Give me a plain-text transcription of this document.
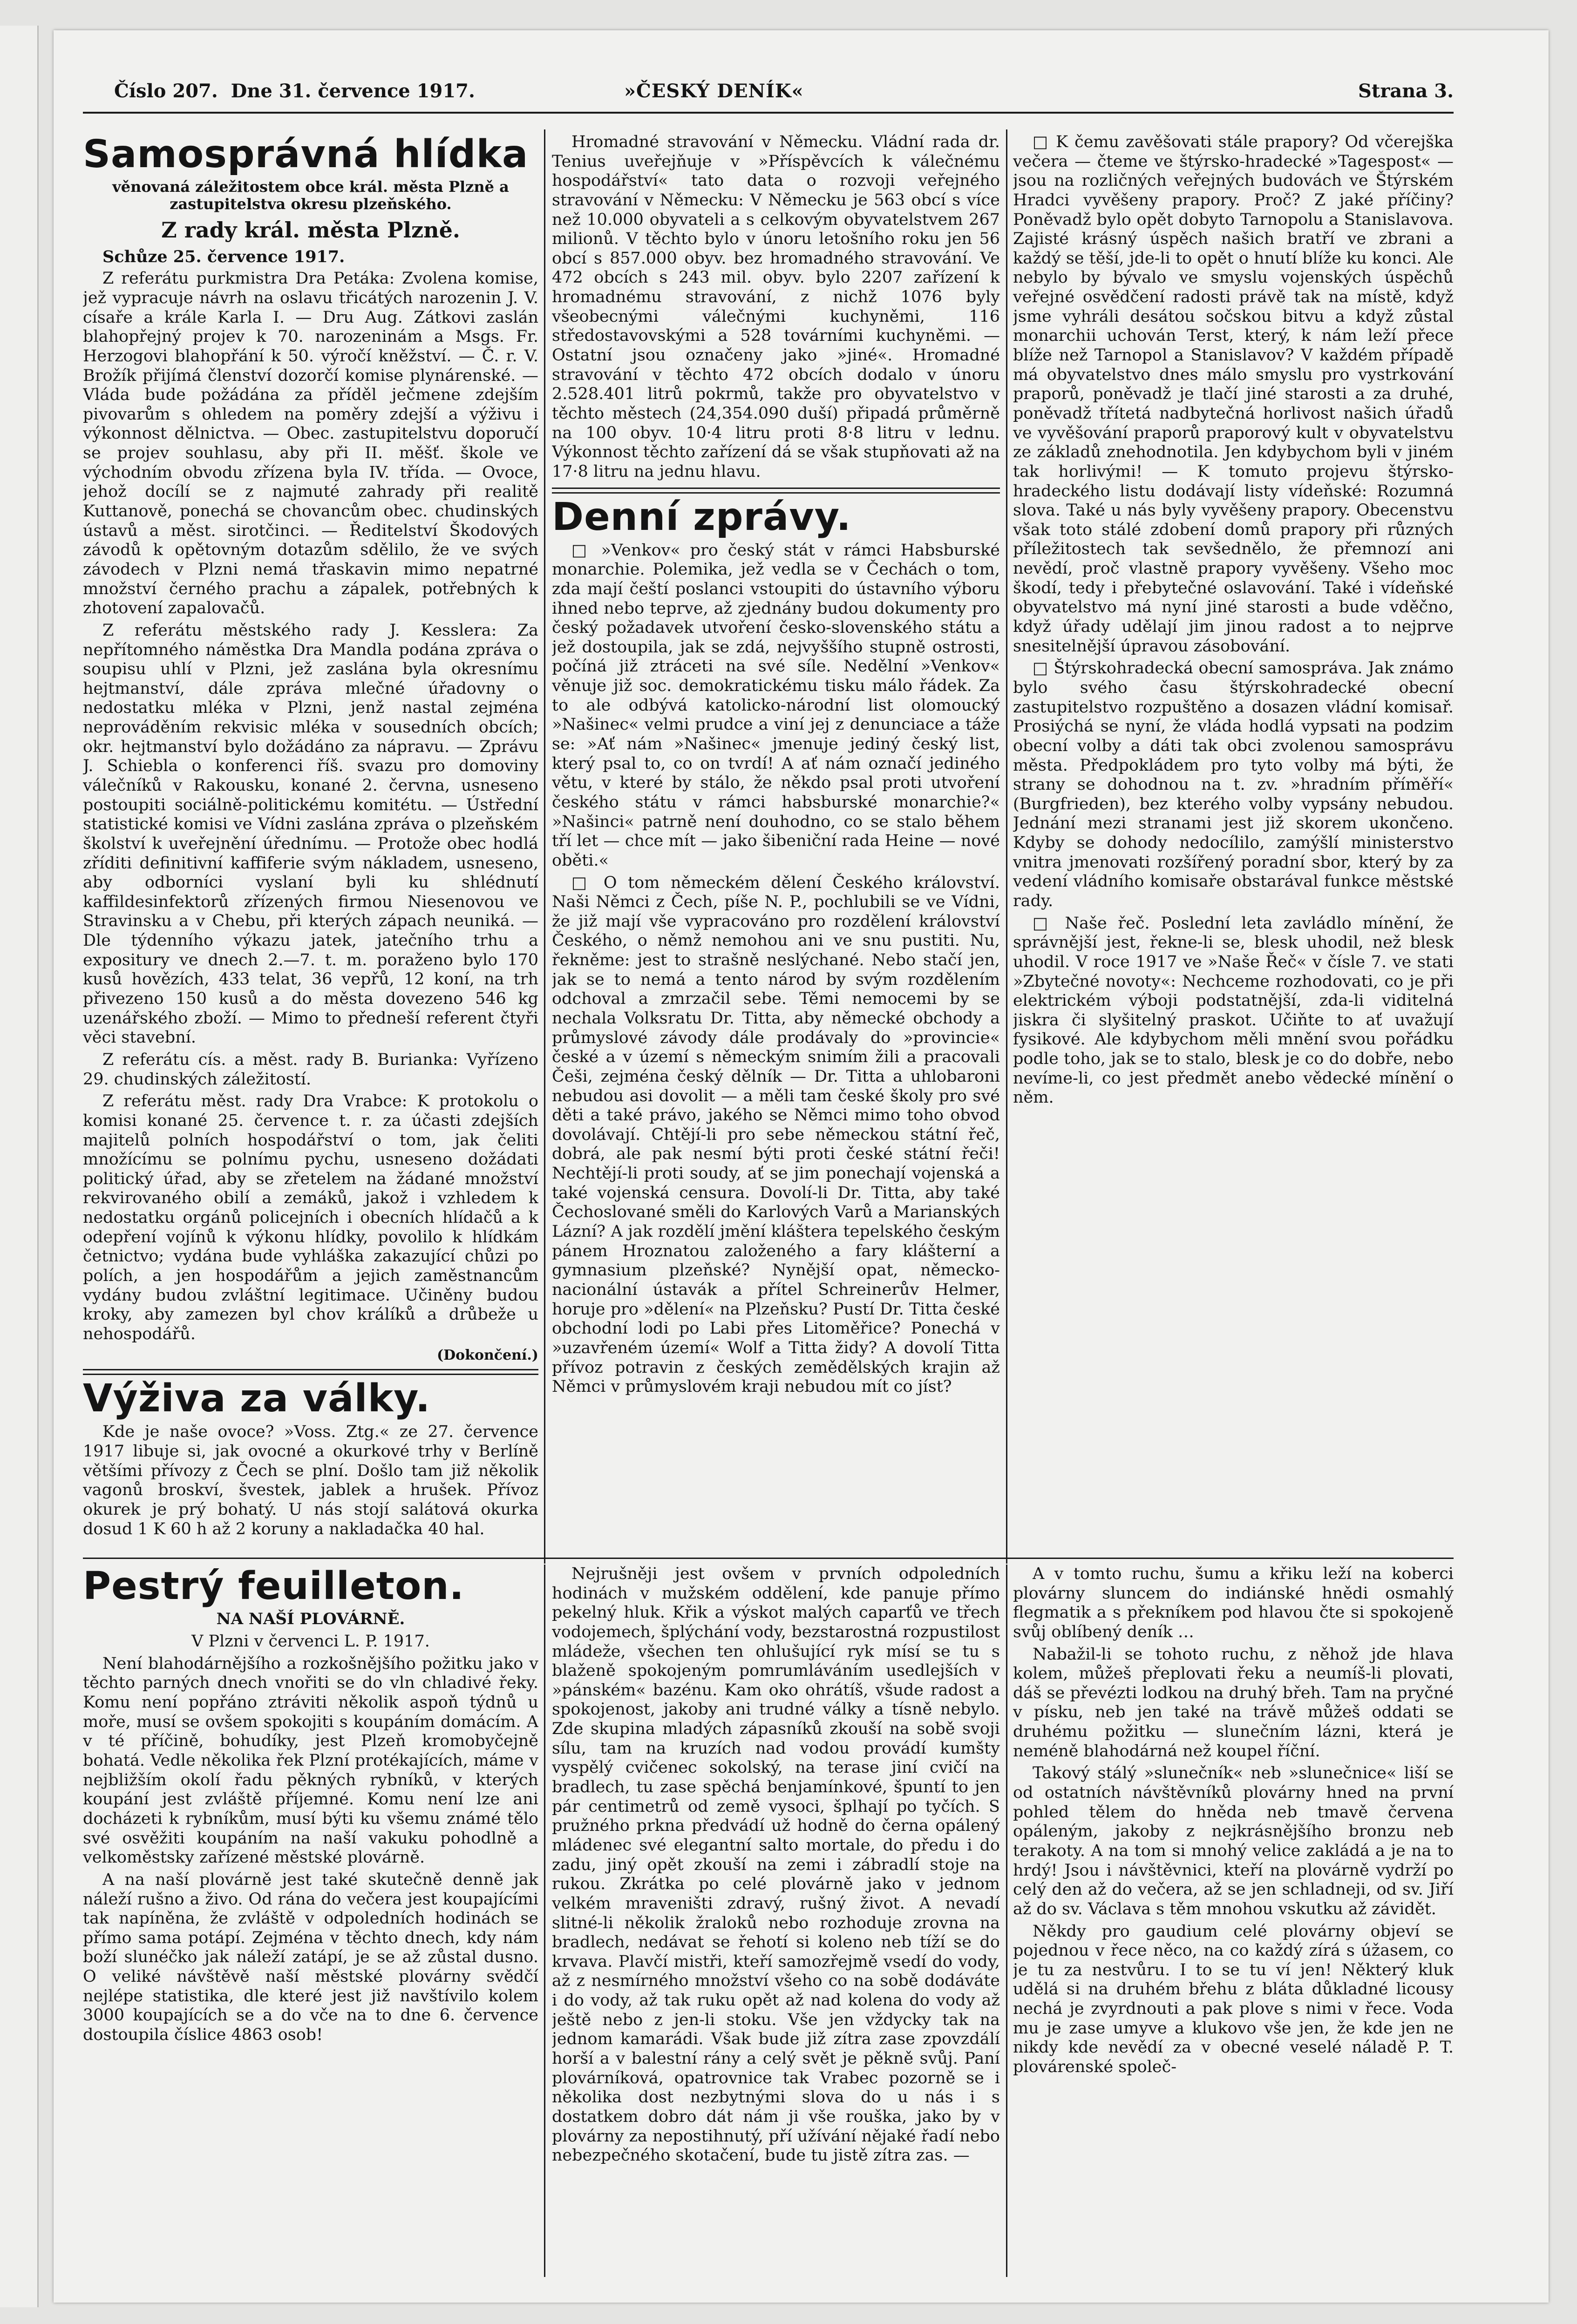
Číslo 207. Dne 31. července 1917.	»ČESKÝ DENÍK«	Strana 3.
Samosprávná hlídka
věnovaná záležitostem obce král. města Plzně a zastupitelstva okresu plzeňského.
Z rady král. města Plzně.

Schůze 25. července 1917.

Z referátu purkmistra Dra Petáka: Zvolena komise, jež vypracuje návrh na oslavu třicátých narozenin J. V. císaře a krále Karla I. — Dru Aug. Zátkovi zaslán blahopřejný projev k 70. narozeninám a Msgs. Fr. Herzogovi blahopřání k 50. výročí kněžství. — Č. r. V. Brožík přijímá členství dozorčí komise plynárenské. — Vláda bude požádána za příděl ječmene zdejším pivovarům s ohledem na poměry zdejší a výživu i výkonnost dělnictva. — Obec. zastupitelstvu doporučí se projev souhlasu, aby při II. měšť. škole ve východním obvodu zřízena byla IV. třída. — Ovoce, jehož docílí se z najmuté zahrady při realitě Kuttanově, ponechá se chovancům obec. chudinských ústavů a měst. sirotčinci. — Ředitelství Škodových závodů k opětovným dotazům sdělilo, že ve svých závodech v Plzni nemá třaskavin mimo nepatrné množství černého prachu a zápalek, potřebných k zhotovení zapalovačů.

Z referátu městského rady J. Kesslera: Za nepřítomného náměstka Dra Mandla podána zpráva o soupisu uhlí v Plzni, jež zaslána byla okresnímu hejtmanství, dále zpráva mlečné úřadovny o nedostatku mléka v Plzni, jenž nastal zejména neprováděním rekvisic mléka v sousedních obcích; okr. hejtmanství bylo dožádáno za nápravu. — Zprávu J. Schiebla o konferenci říš. svazu pro domoviny válečníků v Rakousku, konané 2. června, usneseno postoupiti sociálně-politickému komitétu. — Ústřední statistické komisi ve Vídni zaslána zpráva o plzeňském školství k uveřejnění úřednímu. — Protože obec hodlá zříditi definitivní kaffiferie svým nákladem, usneseno, aby odborníci vyslaní byli ku shlédnutí kaffildesinfektorů zřízených firmou Niesenovou ve Stravinsku a v Chebu, při kterých zápach neuniká. — Dle týdenního výkazu jatek, jatečního trhu a expositury ve dnech 2.—7. t. m. poraženo bylo 170 kusů hovězích, 433 telat, 36 vepřů, 12 koní, na trh přivezeno 150 kusů a do města dovezeno 546 kg uzenářského zboží. — Mimo to předneší referent čtyři věci stavební.

Z referátu cís. a měst. rady B. Burianka: Vyřízeno 29. chudinských záležitostí.

Z referátu měst. rady Dra Vrabce: K protokolu o komisi konané 25. července t. r. za účasti zdejších majitelů polních hospodářství o tom, jak čeliti množícímu se polnímu pychu, usneseno dožádati politický úřad, aby se zřetelem na žádané množství rekvirovaného obilí a zemáků, jakož i vzhledem k nedostatku orgánů policejních i obecních hlídačů a k odepření vojínů k výkonu hlídky, povolilo k hlídkám četnictvo; vydána bude vyhláška zakazující chůzi po polích, a jen hospodářům a jejich zaměstnancům vydány budou zvláštní legitimace. Učiněny budou kroky, aby zamezen byl chov králíků a drůbeže u nehospodářů.

(Dokončení.)

Výživa za války.

Kde je naše ovoce? »Voss. Ztg.« ze 27. července 1917 libuje si, jak ovocné a okurkové trhy v Berlíně většími přívozy z Čech se plní. Došlo tam již několik vagonů broskví, švestek, jablek a hrušek. Přívoz okurek je prý bohatý. U nás stojí salátová okurka dosud 1 K 60 h až 2 koruny a nakladačka 40 hal.

Hromadné stravování v Německu. Vládní rada dr. Tenius uveřejňuje v »Příspěvcích k válečnému hospodářství« tato data o rozvoji veřejného stravování v Německu: V Německu je 563 obcí s více než 10.000 obyvateli a s celkovým obyvatelstvem 267 milionů. V těchto bylo v únoru letošního roku jen 56 obcí s 857.000 obyv. bez hromadného stravování. Ve 472 obcích s 243 mil. obyv. bylo 2207 zařízení k hromadnému stravování, z nichž 1076 byly všeobecnými válečnými kuchyněmi, 116 středostavovskými a 528 továrními kuchyněmi. — Ostatní jsou označeny jako »jiné«. Hromadné stravování v těchto 472 obcích dodalo v únoru 2.528.401 litrů pokrmů, takže pro obyvatelstvo v těchto městech (24,354.090 duší) připadá průměrně na 100 obyv. 10·4 litru proti 8·8 litru v lednu. Výkonnost těchto zařízení dá se však stupňovati až na 17·8 litru na jednu hlavu.

Denní zprávy.

□ »Venkov« pro český stát v rámci Habsburské monarchie. Polemika, jež vedla se v Čechách o tom, zda mají čeští poslanci vstoupiti do ústavního výboru ihned nebo teprve, až zjednány budou dokumenty pro český požadavek utvoření česko-slovenského státu a jež dostoupila, jak se zdá, nejvyššího stupně ostrosti, počíná již ztráceti na své síle. Nedělní »Venkov« věnuje již soc. demokratickému tisku málo řádek. Za to ale odbývá katolicko-národní list olomoucký »Našinec« velmi prudce a viní jej z denunciace a táže se: »Ať nám »Našinec« jmenuje jediný český list, který psal to, co on tvrdí! A ať nám označí jediného větu, v které by stálo, že někdo psal proti utvoření českého státu v rámci habsburské monarchie?« »Našinci« patrně není douhodno, co se stalo během tří let — chce mít — jako šibeniční rada Heine — nové oběti.«

□ O tom německém dělení Českého království. Naši Němci z Čech, píše N. P., pochlubili se ve Vídni, že již mají vše vypracováno pro rozdělení království Českého, o němž nemohou ani ve snu pustiti. Nu, řekněme: jest to strašně neslýchané. Nebo stačí jen, jak se to nemá a tento národ by svým rozdělením odchoval a zmrzačil sebe. Těmi nemocemi by se nechala Volksratu Dr. Titta, aby německé obchody a průmyslové závody dále prodávaly do »provincie« české a v území s německým snimím žili a pracovali Češi, zejména český dělník — Dr. Titta a uhlobaroni nebudou asi dovolit — a měli tam české školy pro své děti a také právo, jakého se Němci mimo toho obvod dovolávají. Chtějí-li pro sebe německou státní řeč, dobrá, ale pak nesmí býti proti české státní řeči! Nechtějí-li proti soudy, ať se jim ponechají vojenská a také vojenská censura. Dovolí-li Dr. Titta, aby také Čechoslované směli do Karlových Varů a Marianských Lázní? A jak rozdělí jmění kláštera tepelského českým pánem Hroznatou založeného a fary klášterní a gymnasium plzeňské? Nynější opat, německo-nacionální ústavák a přítel Schreinerův Helmer, horuje pro »dělení« na Plzeňsku? Pustí Dr. Titta české obchodní lodi po Labi přes Litoměřice? Ponechá v »uzavřeném území« Wolf a Titta židy? A dovolí Titta přívoz potravin z českých zemědělských krajin až Němci v průmyslovém kraji nebudou mít co jíst?

□ K čemu zavěšovati stále prapory? Od včerejška večera — čteme ve štýrsko-hradecké »Tagespost« — jsou na rozličných veřejných budovách ve Štýrském Hradci vyvěšeny prapory. Proč? Z jaké příčiny? Poněvadž bylo opět dobyto Tarnopolu a Stanislavova. Zajisté krásný úspěch našich bratří ve zbrani a každý se těší, jde-li to opět o hnutí blíže ku konci. Ale nebylo by bývalo ve smyslu vojenských úspěchů veřejné osvědčení radosti právě tak na místě, když jsme vyhráli desátou sočskou bitvu a když zůstal monarchii uchován Terst, který, k nám leží přece blíže než Tarnopol a Stanislavov? V každém případě má obyvatelstvo dnes málo smyslu pro vystrkování praporů, poněvadž je tlačí jiné starosti a za druhé, poněvadž třítetá nadbytečná horlivost našich úřadů ve vyvěšování praporů praporový kult v obyvatelstvu ze základů znehodnotila. Jen kdybychom byli v jiném tak horlivými! — K tomuto projevu štýrsko-hradeckého listu dodávají listy vídeňské: Rozumná slova. Také u nás byly vyvěšeny prapory. Obecenstvu však toto stálé zdobení domů prapory při různých příležitostech tak sevšednělo, že přemnozí ani nevědí, proč vlastně prapory vyvěšeny. Všeho moc škodí, tedy i přebytečné oslavování. Také i vídeňské obyvatelstvo má nyní jiné starosti a bude vděčno, když úřady udělají jim jinou radost a to nejprve snesitelnější úpravou zásobování.

□ Štýrskohradecká obecní samospráva. Jak známo bylo svého času štýrskohradecké obecní zastupitelstvo rozpuštěno a dosazen vládní komisař. Prosiýchá se nyní, že vláda hodlá vypsati na podzim obecní volby a dáti tak obci zvolenou samosprávu města. Předpokládem pro tyto volby má býti, že strany se dohodnou na t. zv. »hradním příměří« (Burgfrieden), bez kterého volby vypsány nebudou. Jednání mezi stranami jest již skorem ukončeno. Kdyby se dohody nedocílilo, zamýšlí ministerstvo vnitra jmenovati rozšířený poradní sbor, který by za vedení vládního komisaře obstarával funkce městské rady.

□ Naše řeč. Poslední leta zavládlo mínění, že správnější jest, řekne-li se, blesk uhodil, než blesk uhodil. V roce 1917 ve »Naše Řeč« v čísle 7. ve stati »Zbytečné novoty«: Nechceme rozhodovati, co je při elektrickém výboji podstatnější, zda-li viditelná jiskra či slyšitelný praskot. Učiňte to ať uvažují fysikové. Ale kdybychom měli mnění svou pořádku podle toho, jak se to stalo, blesk je co do dobře, nebo nevíme-li, co jest předmět anebo vědecké mínění o něm.

Pestrý feuilleton.
NA NAŠÍ PLOVÁRNĚ.

V Plzni v červenci L. P. 1917.

Není blahodárnějšího a rozkošnějšího požitku jako v těchto parných dnech vnořiti se do vln chladivé řeky. Komu není popřáno ztráviti několik aspoň týdnů u moře, musí se ovšem spokojiti s koupáním domácím. A v té příčině, bohudíky, jest Plzeň kromobyčejně bohatá. Vedle několika řek Plzní protékajících, máme v nejbližším okolí řadu pěkných rybníků, v kterých koupání jest zvláště příjemné. Komu není lze ani docházeti k rybníkům, musí býti ku všemu známé tělo své osvěžiti koupáním na naší vakuku pohodlně a velkoměstsky zařízené městské plovárně.

A na naší plovárně jest také skutečně denně jak náleží rušno a živo. Od rána do večera jest koupajícími tak napíněna, že zvláště v odpoledních hodinách se přímo sama potápí. Zejména v těchto dnech, kdy nám boží slunéčko jak náleží zatápí, je se až zůstal dusno. O veliké návštěvě naší městské plovárny svědčí nejlépe statistika, dle které jest již navštívilo kolem 3000 koupajících se a do vče na to dne 6. července dostoupila číslice 4863 osob!

Nejrušněji jest ovšem v prvních odpoledních hodinách v mužském oddělení, kde panuje přímo pekelný hluk. Křik a výskot malých caparťů ve třech vodojemech, šplýchání vody, bezstarostná rozpustilost mládeže, všechen ten ohlušující ryk mísí se tu s blaženě spokojeným pomrumláváním usedlejších v »pánském« bazénu. Kam oko ohrátíš, všude radost a spokojenost, jakoby ani trudné války a tísně nebylo. Zde skupina mladých zápasníků zkouší na sobě svoji sílu, tam na kruzích nad vodou provádí kumšty vyspělý cvičenec sokolský, na terase jiní cvičí na bradlech, tu zase spěchá benjamínkové, špuntí to jen pár centimetrů od země vysoci, šplhají po tyčích. S pružného prkna předvádí už hodně do černa opálený mládenec své elegantní salto mortale, do předu i do zadu, jiný opět zkouší na zemi i zábradlí stoje na rukou. Zkrátka po celé plovárně jako v jednom velkém mraveništi zdravý, rušný život. A nevadí slitné-li několik žraloků nebo rozhoduje zrovna na bradlech, nedávat se řehotí si koleno neb tíží se do krvava. Plavčí mistři, kteří samozřejmě vsedí do vody, až z nesmírného množství všeho co na sobě dodáváte i do vody, až tak ruku opět až nad kolena do vody až ještě nebo z jen-li stoku. Vše jen vždycky tak na jednom kamarádi. Však bude již zítra zase zpovzdálí horší a v balestní rány a celý svět je pěkně svůj. Paní plovárníková, opatrovnice tak Vrabec pozorně se i několika dost nezbytnými slova do u nás i s dostatkem dobro dát nám ji vše rouška, jako by v plovárny za nepostihnutý, pří užívání nějaké řadí nebo nebezpečného skotačení, bude tu jistě zítra zas. —

A v tomto ruchu, šumu a křiku leží na koberci plovárny sluncem do indiánské hnědi osmahlý flegmatik a s překníkem pod hlavou čte si spokojeně svůj oblíbený deník …

Nabažil-li se tohoto ruchu, z něhož jde hlava kolem, můžeš přeplovati řeku a neumíš-li plovati, dáš se převézti lodkou na druhý břeh. Tam na pryčné v písku, neb jen také na trávě můžeš oddati se druhému požitku — slunečním lázni, která je neméně blahodárná než koupel říční.

Takový stálý »slunečník« neb »slunečnice« liší se od ostatních návštěvníků plovárny hned na první pohled tělem do hněda neb tmavě červena opáleným, jakoby z nejkrásnějšího bronzu neb terakoty. A na tom si mnohý velice zakládá a je na to hrdý! Jsou i návštěvnici, kteří na plovárně vydrží po celý den až do večera, až se jen schladneji, od sv. Jiří až do sv. Václava s těm mnohou vskutku až závidět.

Někdy pro gaudium celé plovárny objeví se pojednou v řece něco, na co každý zírá s úžasem, co je tu za nestvůru. I to se tu ví jen! Některý kluk udělá si na druhém břehu z bláta důkladné licousy nechá je zvyrdnouti a pak plove s nimi v řece. Voda mu je zase umyve a klukovo vše jen, že kde jen ne nikdy kde nevědí za v obecné veselé náladě P. T. plovárenské společ-
